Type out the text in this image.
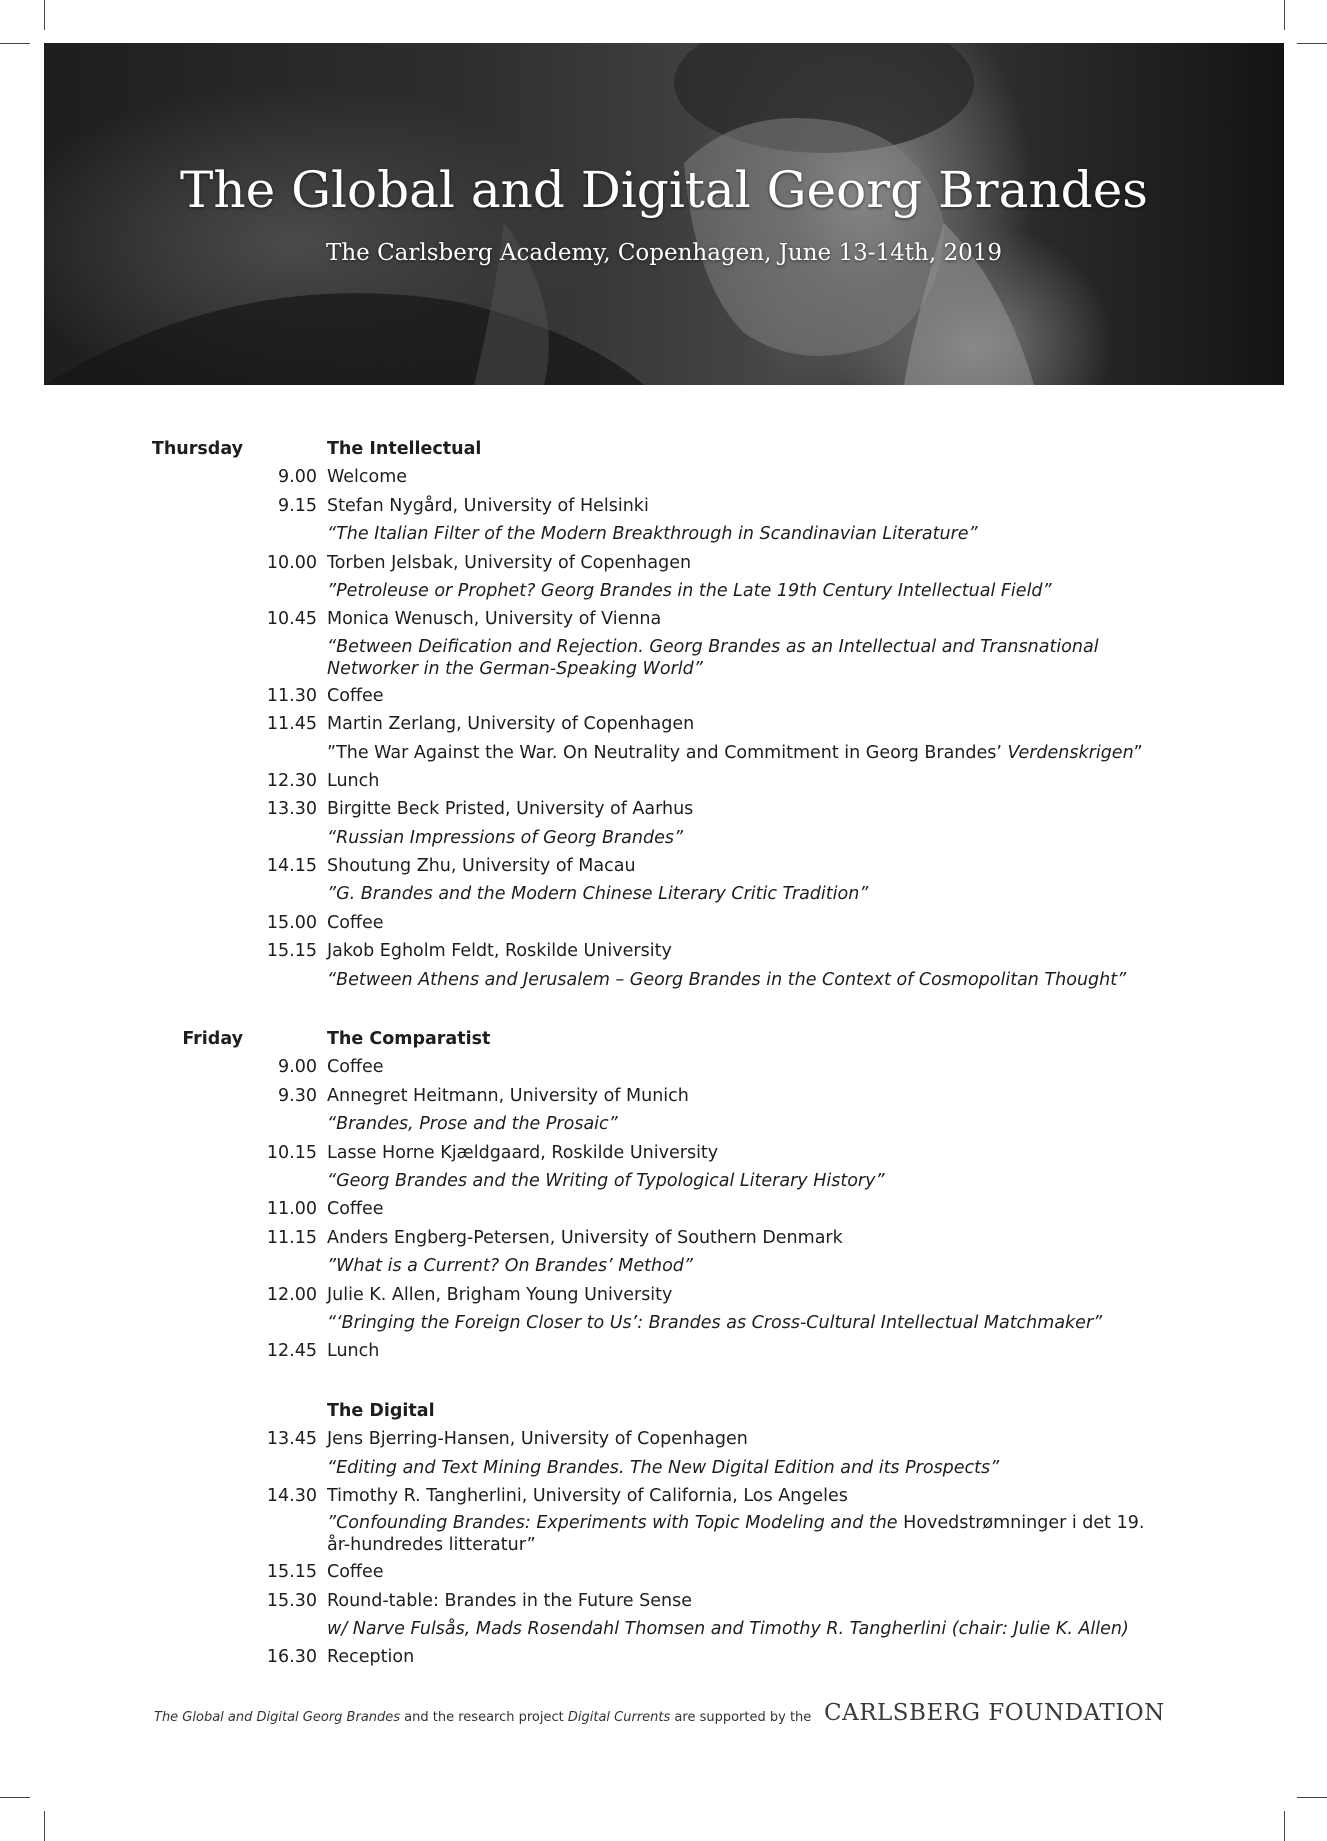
The Global and Digital Georg Brandes
The Carlsberg Academy, Copenhagen, June 13-14th, 2019
Thursday	The Intellectual
9.00 Welcome
9.15 Stefan Nygård, University of Helsinki
“The Italian Filter of the Modern Breakthrough in Scandinavian Literature”
10.00 Torben Jelsbak, University of Copenhagen
”Petroleuse or Prophet? Georg Brandes in the Late 19th Century Intellectual Field”
10.45 Monica Wenusch, University of Vienna
“Between Deification and Rejection. Georg Brandes as an Intellectual and Transnational Networker in the German-Speaking World”
11.30 Coffee
11.45 Martin Zerlang, University of Copenhagen
”The War Against the War. On Neutrality and Commitment in Georg Brandes’ Verdenskrigen”
12.30 Lunch
13.30 Birgitte Beck Pristed, University of Aarhus
“Russian Impressions of Georg Brandes”
14.15 Shoutung Zhu, University of Macau
”G. Brandes and the Modern Chinese Literary Critic Tradition”
15.00 Coffee
15.15 Jakob Egholm Feldt, Roskilde University
“Between Athens and Jerusalem – Georg Brandes in the Context of Cosmopolitan Thought”
Friday	The Comparatist
9.00 Coffee
9.30 Annegret Heitmann, University of Munich
“Brandes, Prose and the Prosaic”
10.15 Lasse Horne Kjældgaard, Roskilde University
“Georg Brandes and the Writing of Typological Literary History”
11.00 Coffee
11.15 Anders Engberg-Petersen, University of Southern Denmark
”What is a Current? On Brandes’ Method”
12.00 Julie K. Allen, Brigham Young University
“‘Bringing the Foreign Closer to Us’: Brandes as Cross-Cultural Intellectual Matchmaker”
12.45 Lunch
The Digital
13.45 Jens Bjerring-Hansen, University of Copenhagen
“Editing and Text Mining Brandes. The New Digital Edition and its Prospects”
14.30 Timothy R. Tangherlini, University of California, Los Angeles
”Confounding Brandes: Experiments with Topic Modeling and the Hovedstrømninger i det 19. år-hundredes litteratur”
15.15 Coffee
15.30 Round-table: Brandes in the Future Sense
w/ Narve Fulsås, Mads Rosendahl Thomsen and Timothy R. Tangherlini (chair: Julie K. Allen)
16.30 Reception
The Global and Digital Georg Brandes and the research project Digital Currents are supported by the CARLSBERG FOUNDATION
